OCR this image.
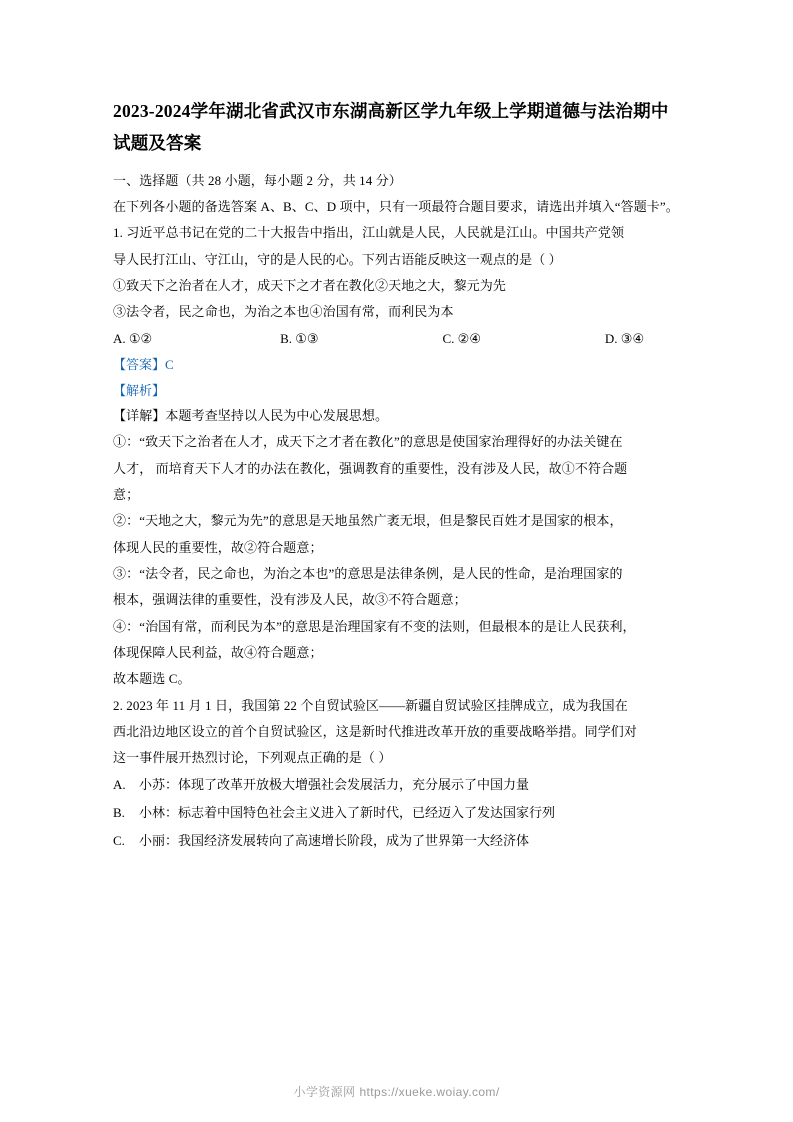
2023-2024学年湖北省武汉市东湖高新区学九年级上学期道德与法治期中试题及答案

一、选择题（共 28 小题，每小题 2 分，共 14 分）

在下列各小题的备选答案 A、B、C、D 项中，只有一项最符合题目要求，请选出并填入“答题卡”。

1. 习近平总书记在党的二十大报告中指出，江山就是人民，人民就是江山。中国共产党领

导人民打江山、守江山，守的是人民的心。下列古语能反映这一观点的是（ ）

①致天下之治者在人才，成天下之才者在教化②天地之大，黎元为先

③法令者，民之命也，为治之本也④治国有常，而利民为本

A. ①②	B. ①③	C. ②④	D. ③④

【答案】C

【解析】

【详解】本题考查坚持以人民为中心发展思想。

①：“致天下之治者在人才，成天下之才者在教化”的意思是使国家治理得好的办法关键在

人才， 而培育天下人才的办法在教化，强调教育的重要性，没有涉及人民，故①不符合题

意；

②：“天地之大，黎元为先”的意思是天地虽然广袤无垠，但是黎民百姓才是国家的根本，

体现人民的重要性，故②符合题意；

③：“法令者，民之命也，为治之本也”的意思是法律条例，是人民的性命，是治理国家的

根本，强调法律的重要性，没有涉及人民，故③不符合题意；

④：“治国有常，而利民为本”的意思是治理国家有不变的法则，但最根本的是让人民获利，

体现保障人民利益，故④符合题意；

故本题选 C。

2. 2023 年 11 月 1 日，我国第 22 个自贸试验区——新疆自贸试验区挂牌成立，成为我国在

西北沿边地区设立的首个自贸试验区，这是新时代推进改革开放的重要战略举措。同学们对

这一事件展开热烈讨论，下列观点正确的是（ ）

A. 小苏：体现了改革开放极大增强社会发展活力，充分展示了中国力量

B. 小林：标志着中国特色社会主义进入了新时代，已经迈入了发达国家行列

C. 小丽：我国经济发展转向了高速增长阶段，成为了世界第一大经济体

小学资源网 https://xueke.woiay.com/
